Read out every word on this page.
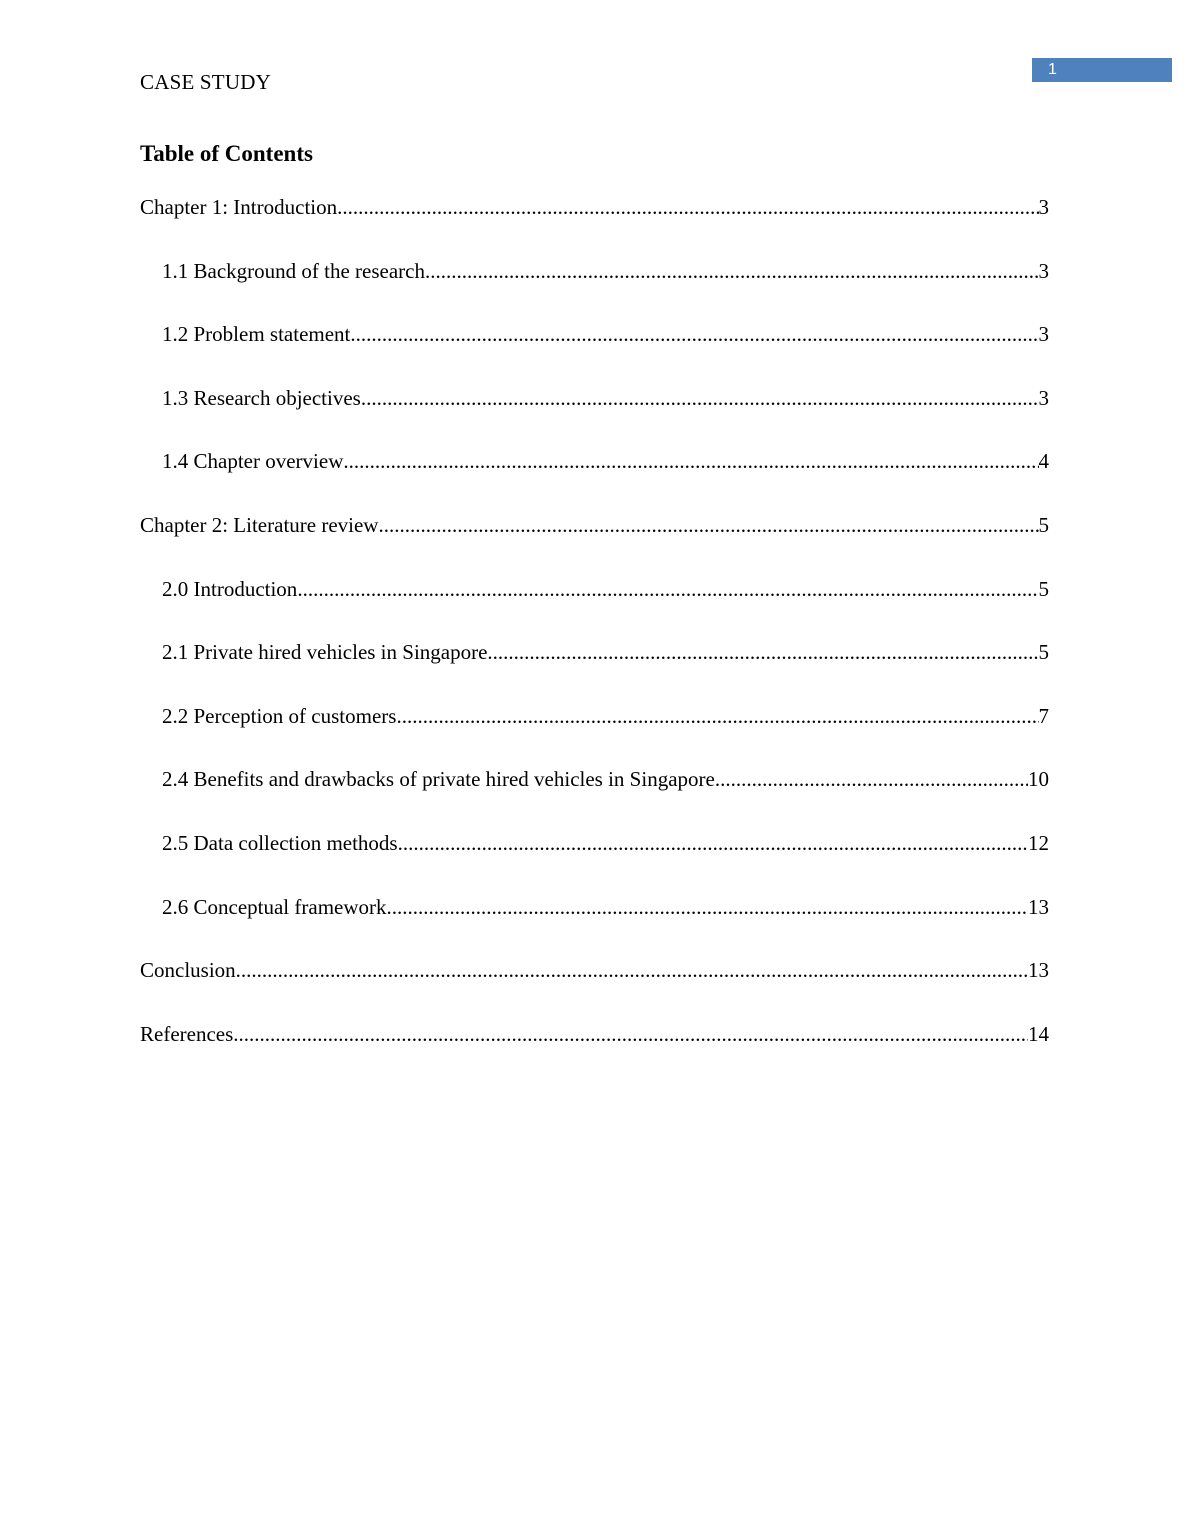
CASE STUDY
1
Table of Contents
Chapter 1: Introduction .....	3
1.1 Background of the research .....	3
1.2 Problem statement .....	3
1.3 Research objectives .....	3
1.4 Chapter overview .....	4
Chapter 2: Literature review .....	5
2.0 Introduction .....	5
2.1 Private hired vehicles in Singapore .....	5
2.2 Perception of customers .....	7
2.4 Benefits and drawbacks of private hired vehicles in Singapore .....	10
2.5 Data collection methods .....	12
2.6 Conceptual framework .....	13
Conclusion .....	13
References .....	14
